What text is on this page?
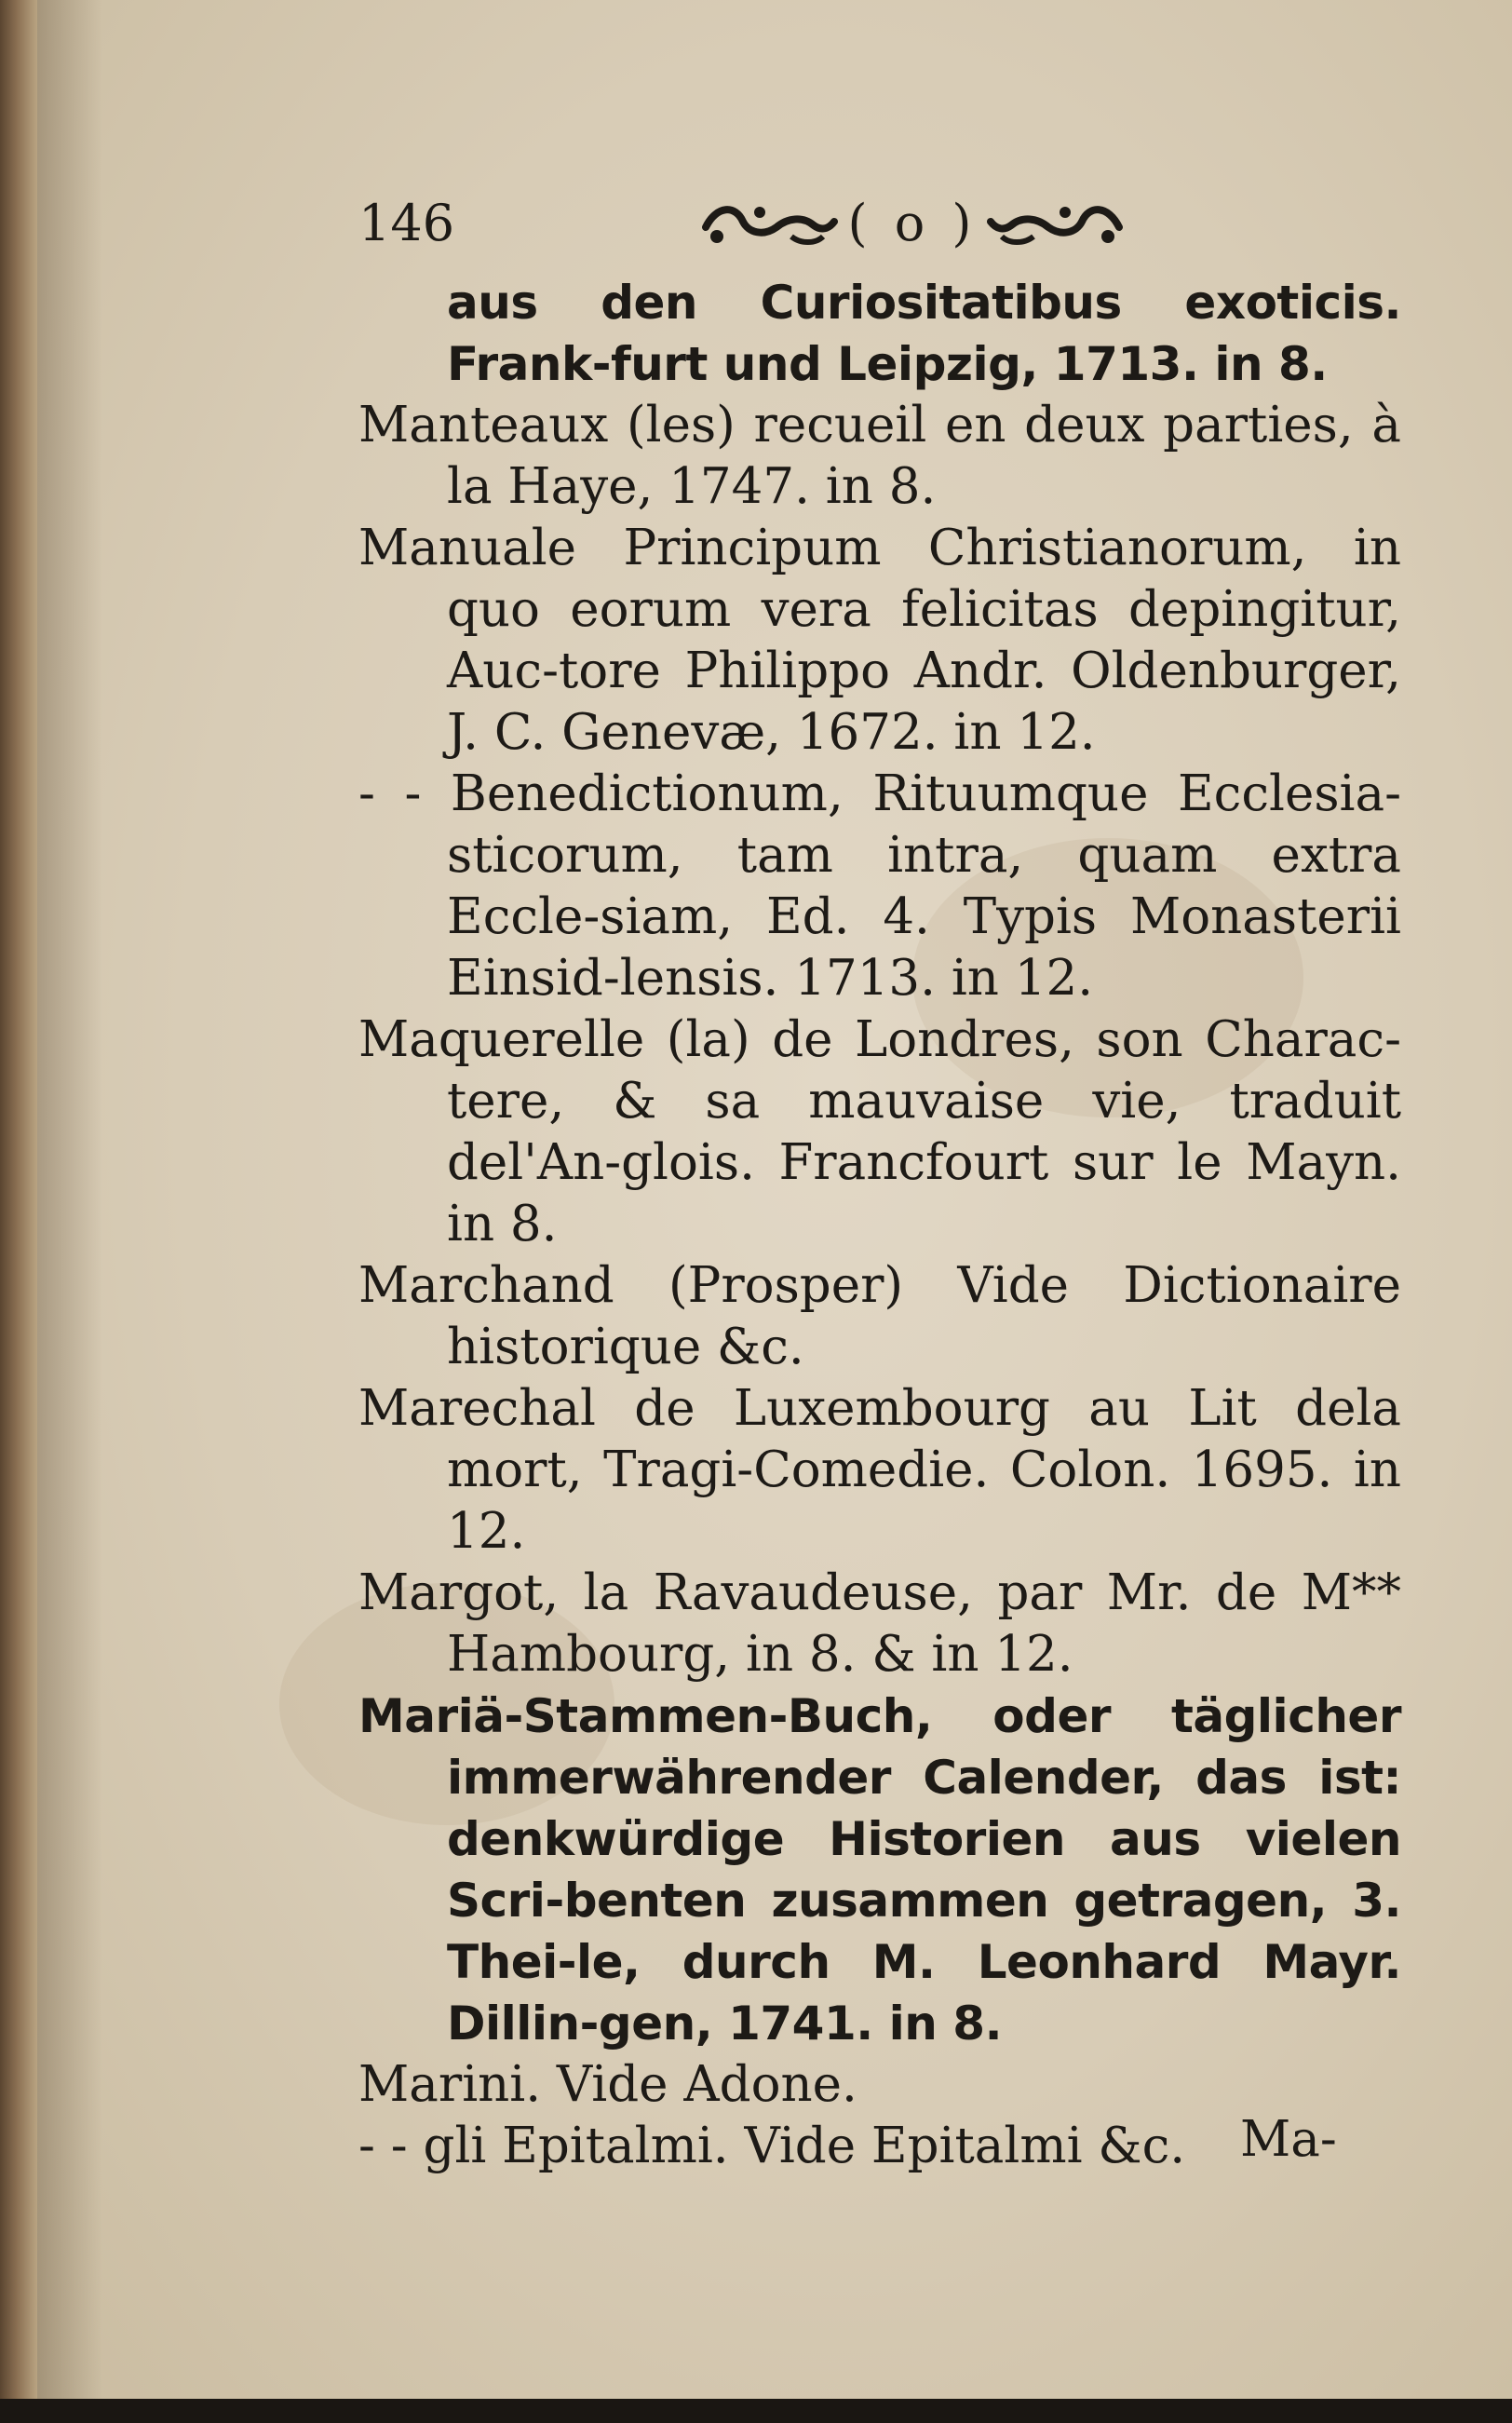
146	( o )

aus den Curiositatibus exoticis. Frank-furt und Leipzig, 1713. in 8.

Manteaux (les) recueil en deux parties, à la Haye, 1747. in 8.

Manuale Principum Christianorum, in quo eorum vera felicitas depingitur, Auc-tore Philippo Andr. Oldenburger, J. C. Genevæ, 1672. in 12.

- - Benedictionum, Rituumque Ecclesia-sticorum, tam intra, quam extra Eccle-siam, Ed. 4. Typis Monasterii Einsid-lensis. 1713. in 12.

Maquerelle (la) de Londres, son Charac-tere, & sa mauvaise vie, traduit del'An-glois. Francfourt sur le Mayn. in 8.

Marchand (Prosper) Vide Dictionaire historique &c.

Marechal de Luxembourg au Lit dela mort, Tragi-Comedie. Colon. 1695. in 12.

Margot, la Ravaudeuse, par Mr. de M** Hambourg, in 8. & in 12.

Mariä-Stammen-Buch, oder täglicher immerwährender Calender, das ist: denkwürdige Historien aus vielen Scri-benten zusammen getragen, 3. Thei-le, durch M. Leonhard Mayr. Dillin-gen, 1741. in 8.

Marini. Vide Adone.

- - gli Epitalmi. Vide Epitalmi &c.	Ma-
